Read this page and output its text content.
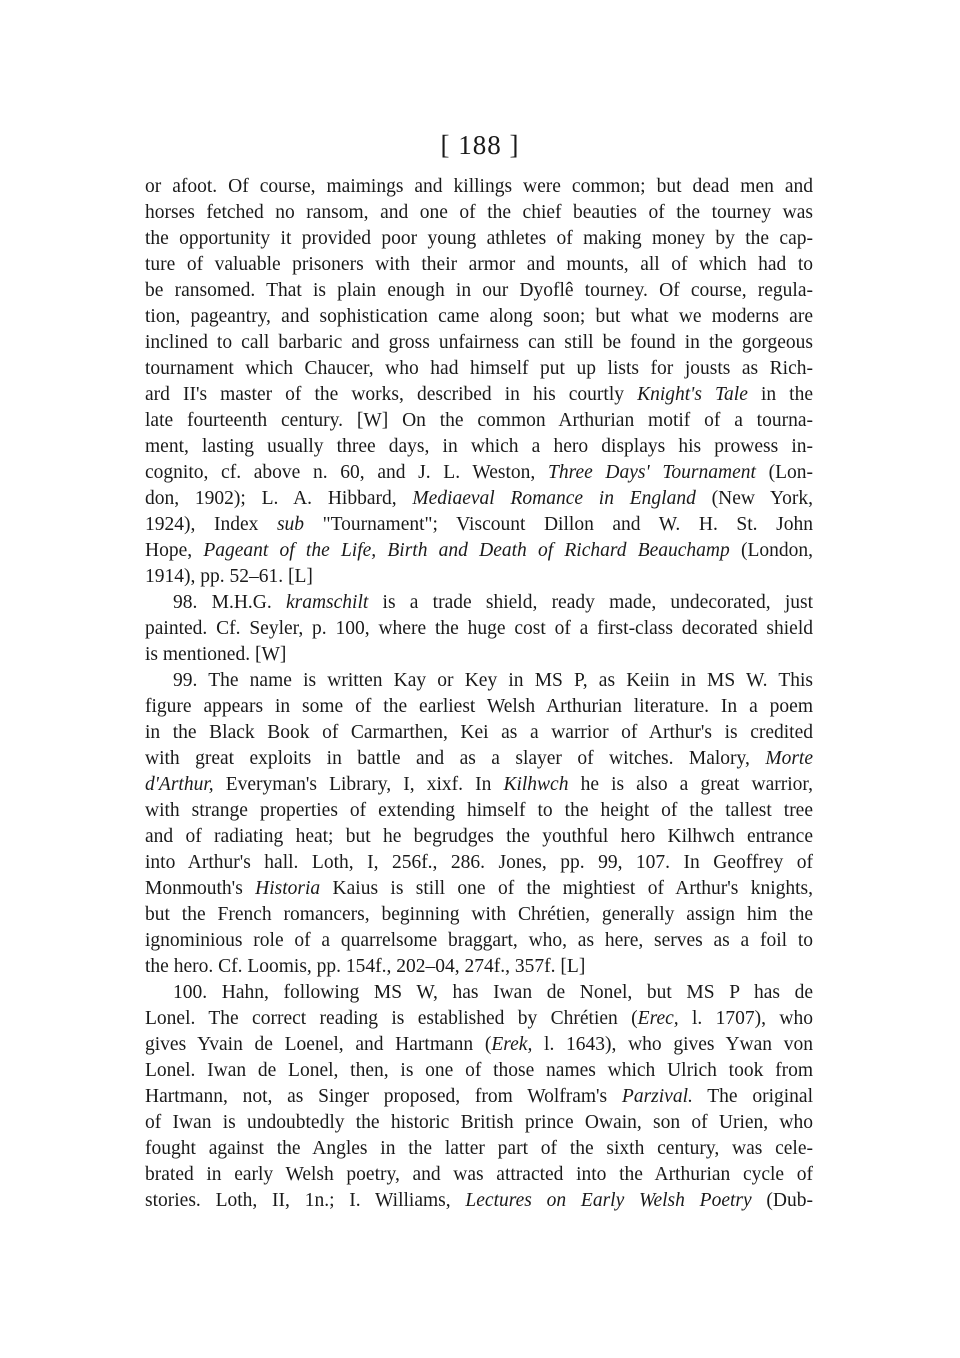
[ 188 ]
or afoot. Of course, maimings and killings were common; but dead men and
horses fetched no ransom, and one of the chief beauties of the tourney was
the opportunity it provided poor young athletes of making money by the cap-
ture of valuable prisoners with their armor and mounts, all of which had to
be ransomed. That is plain enough in our Dyoflê tourney. Of course, regula-
tion, pageantry, and sophistication came along soon; but what we moderns are
inclined to call barbaric and gross unfairness can still be found in the gorgeous
tournament which Chaucer, who had himself put up lists for jousts as Rich-
ard II's master of the works, described in his courtly Knight's Tale in the
late fourteenth century. [W] On the common Arthurian motif of a tourna-
ment, lasting usually three days, in which a hero displays his prowess in-
cognito, cf. above n. 60, and J. L. Weston, Three Days' Tournament (Lon-
don, 1902); L. A. Hibbard, Mediaeval Romance in England (New York,
1924), Index sub "Tournament"; Viscount Dillon and W. H. St. John
Hope, Pageant of the Life, Birth and Death of Richard Beauchamp (London,
1914), pp. 52–61. [L]
98. M.H.G. kramschilt is a trade shield, ready made, undecorated, just
painted. Cf. Seyler, p. 100, where the huge cost of a first-class decorated shield
is mentioned. [W]
99. The name is written Kay or Key in MS P, as Keiin in MS W. This
figure appears in some of the earliest Welsh Arthurian literature. In a poem
in the Black Book of Carmarthen, Kei as a warrior of Arthur's is credited
with great exploits in battle and as a slayer of witches. Malory, Morte
d'Arthur, Everyman's Library, I, xixf. In Kilhwch he is also a great warrior,
with strange properties of extending himself to the height of the tallest tree
and of radiating heat; but he begrudges the youthful hero Kilhwch entrance
into Arthur's hall. Loth, I, 256f., 286. Jones, pp. 99, 107. In Geoffrey of
Monmouth's Historia Kaius is still one of the mightiest of Arthur's knights,
but the French romancers, beginning with Chrétien, generally assign him the
ignominious role of a quarrelsome braggart, who, as here, serves as a foil to
the hero. Cf. Loomis, pp. 154f., 202–04, 274f., 357f. [L]
100. Hahn, following MS W, has Iwan de Nonel, but MS P has de
Lonel. The correct reading is established by Chrétien (Erec, l. 1707), who
gives Yvain de Loenel, and Hartmann (Erek, l. 1643), who gives Ywan von
Lonel. Iwan de Lonel, then, is one of those names which Ulrich took from
Hartmann, not, as Singer proposed, from Wolfram's Parzival. The original
of Iwan is undoubtedly the historic British prince Owain, son of Urien, who
fought against the Angles in the latter part of the sixth century, was cele-
brated in early Welsh poetry, and was attracted into the Arthurian cycle of
stories. Loth, II, 1n.; I. Williams, Lectures on Early Welsh Poetry (Dub-
